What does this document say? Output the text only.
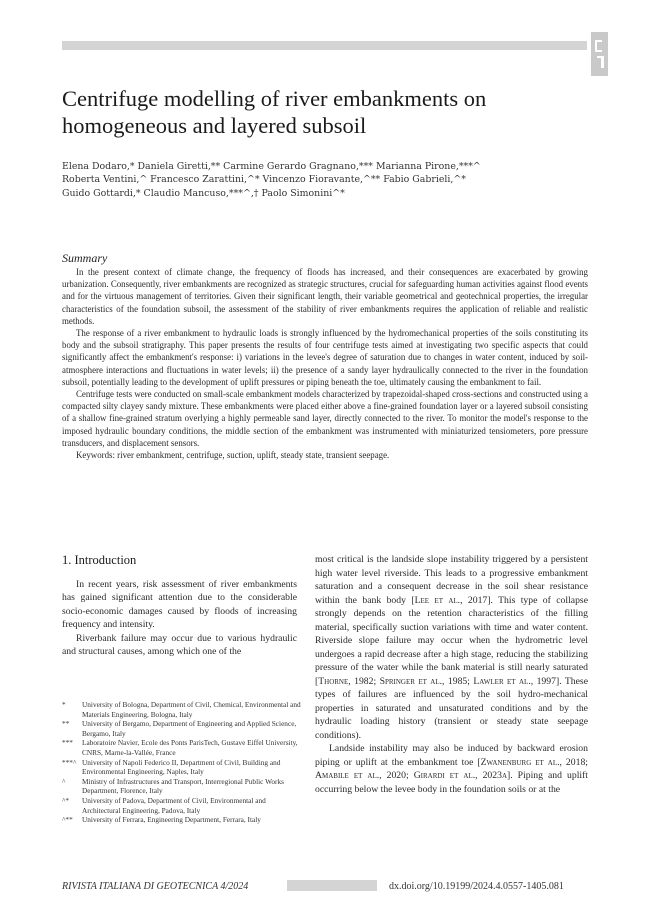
Centrifuge modelling of river embankments on homogeneous and layered subsoil

Elena Dodaro,* Daniela Giretti,** Carmine Gerardo Gragnano,*** Marianna Pirone,***^

Roberta Ventini,^ Francesco Zarattini,^* Vincenzo Fioravante,^** Fabio Gabrieli,^*

Guido Gottardi,* Claudio Mancuso,***^,† Paolo Simonini^*

Summary

In the present context of climate change, the frequency of floods has increased, and their consequences are exacerbated by growing urbanization. Consequently, river embankments are recognized as strategic structures, crucial for safeguarding human activities against flood events and for the virtuous management of territories. Given their significant length, their variable geometrical and geotechnical properties, the irregular characteristics of the foundation subsoil, the assessment of the stability of river embankments requires the application of reliable and realistic methods.

The response of a river embankment to hydraulic loads is strongly influenced by the hydromechanical properties of the soils constituting its body and the subsoil stratigraphy. This paper presents the results of four centrifuge tests aimed at investigating two specific aspects that could significantly affect the embankment's response: i) variations in the levee's degree of saturation due to changes in water content, induced by soil-atmosphere interactions and fluctuations in water levels; ii) the presence of a sandy layer hydraulically connected to the river in the foundation subsoil, potentially leading to the development of uplift pressures or piping beneath the toe, ultimately causing the embankment to fail.

Centrifuge tests were conducted on small-scale embankment models characterized by trapezoidal-shaped cross-sections and constructed using a compacted silty clayey sandy mixture. These embankments were placed either above a fine-grained foundation layer or a layered subsoil consisting of a shallow fine-grained stratum overlying a highly permeable sand layer, directly connected to the river. To monitor the model's response to the imposed hydraulic boundary conditions, the middle section of the embankment was instrumented with miniaturized tensiometers, pore pressure transducers, and displacement sensors.

Keywords: river embankment, centrifuge, suction, uplift, steady state, transient seepage.

1. Introduction

In recent years, risk assessment of river embankments has gained significant attention due to the considerable socio-economic damages caused by floods of increasing frequency and intensity.

Riverbank failure may occur due to various hydraulic and structural causes, among which one of the

most critical is the landside slope instability triggered by a persistent high water level riverside. This leads to a progressive embankment saturation and a consequent decrease in the soil shear resistance within the bank body [Lee et al., 2017]. This type of collapse strongly depends on the retention characteristics of the filling material, specifically suction variations with time and water content. Riverside slope failure may occur when the hydrometric level undergoes a rapid decrease after a high stage, reducing the stabilizing pressure of the water while the bank material is still nearly saturated [Thorne, 1982; Springer et al., 1985; Lawler et al., 1997]. These types of failures are influenced by the soil hydro-mechanical properties in saturated and unsaturated conditions and by the hydraulic loading history (transient or steady state seepage conditions).

Landside instability may also be induced by backward erosion piping or uplift at the embankment toe [Zwanenburg et al., 2018; Amabile et al., 2020; Girardi et al., 2023a]. Piping and uplift occurring below the levee body in the foundation soils or at the

* University of Bologna, Department of Civil, Chemical, Environmental and Materials Engineering, Bologna, Italy
** University of Bergamo, Department of Engineering and Applied Science, Bergamo, Italy
*** Laboratoire Navier, Ecole des Ponts ParisTech, Gustave Eiffel University, CNRS, Marne-la-Vallée, France
***^ University of Napoli Federico II, Department of Civil, Building and Environmental Engineering, Naples, Italy
^ Ministry of Infrastructures and Transport, Interregional Public Works Department, Florence, Italy
^* University of Padova, Department of Civil, Environmental and Architectural Engineering, Padova, Italy
^** University of Ferrara, Engineering Department, Ferrara, Italy
RIVISTA ITALIANA DI GEOTECNICA 4/2024	dx.doi.org/10.19199/2024.4.0557-1405.081
